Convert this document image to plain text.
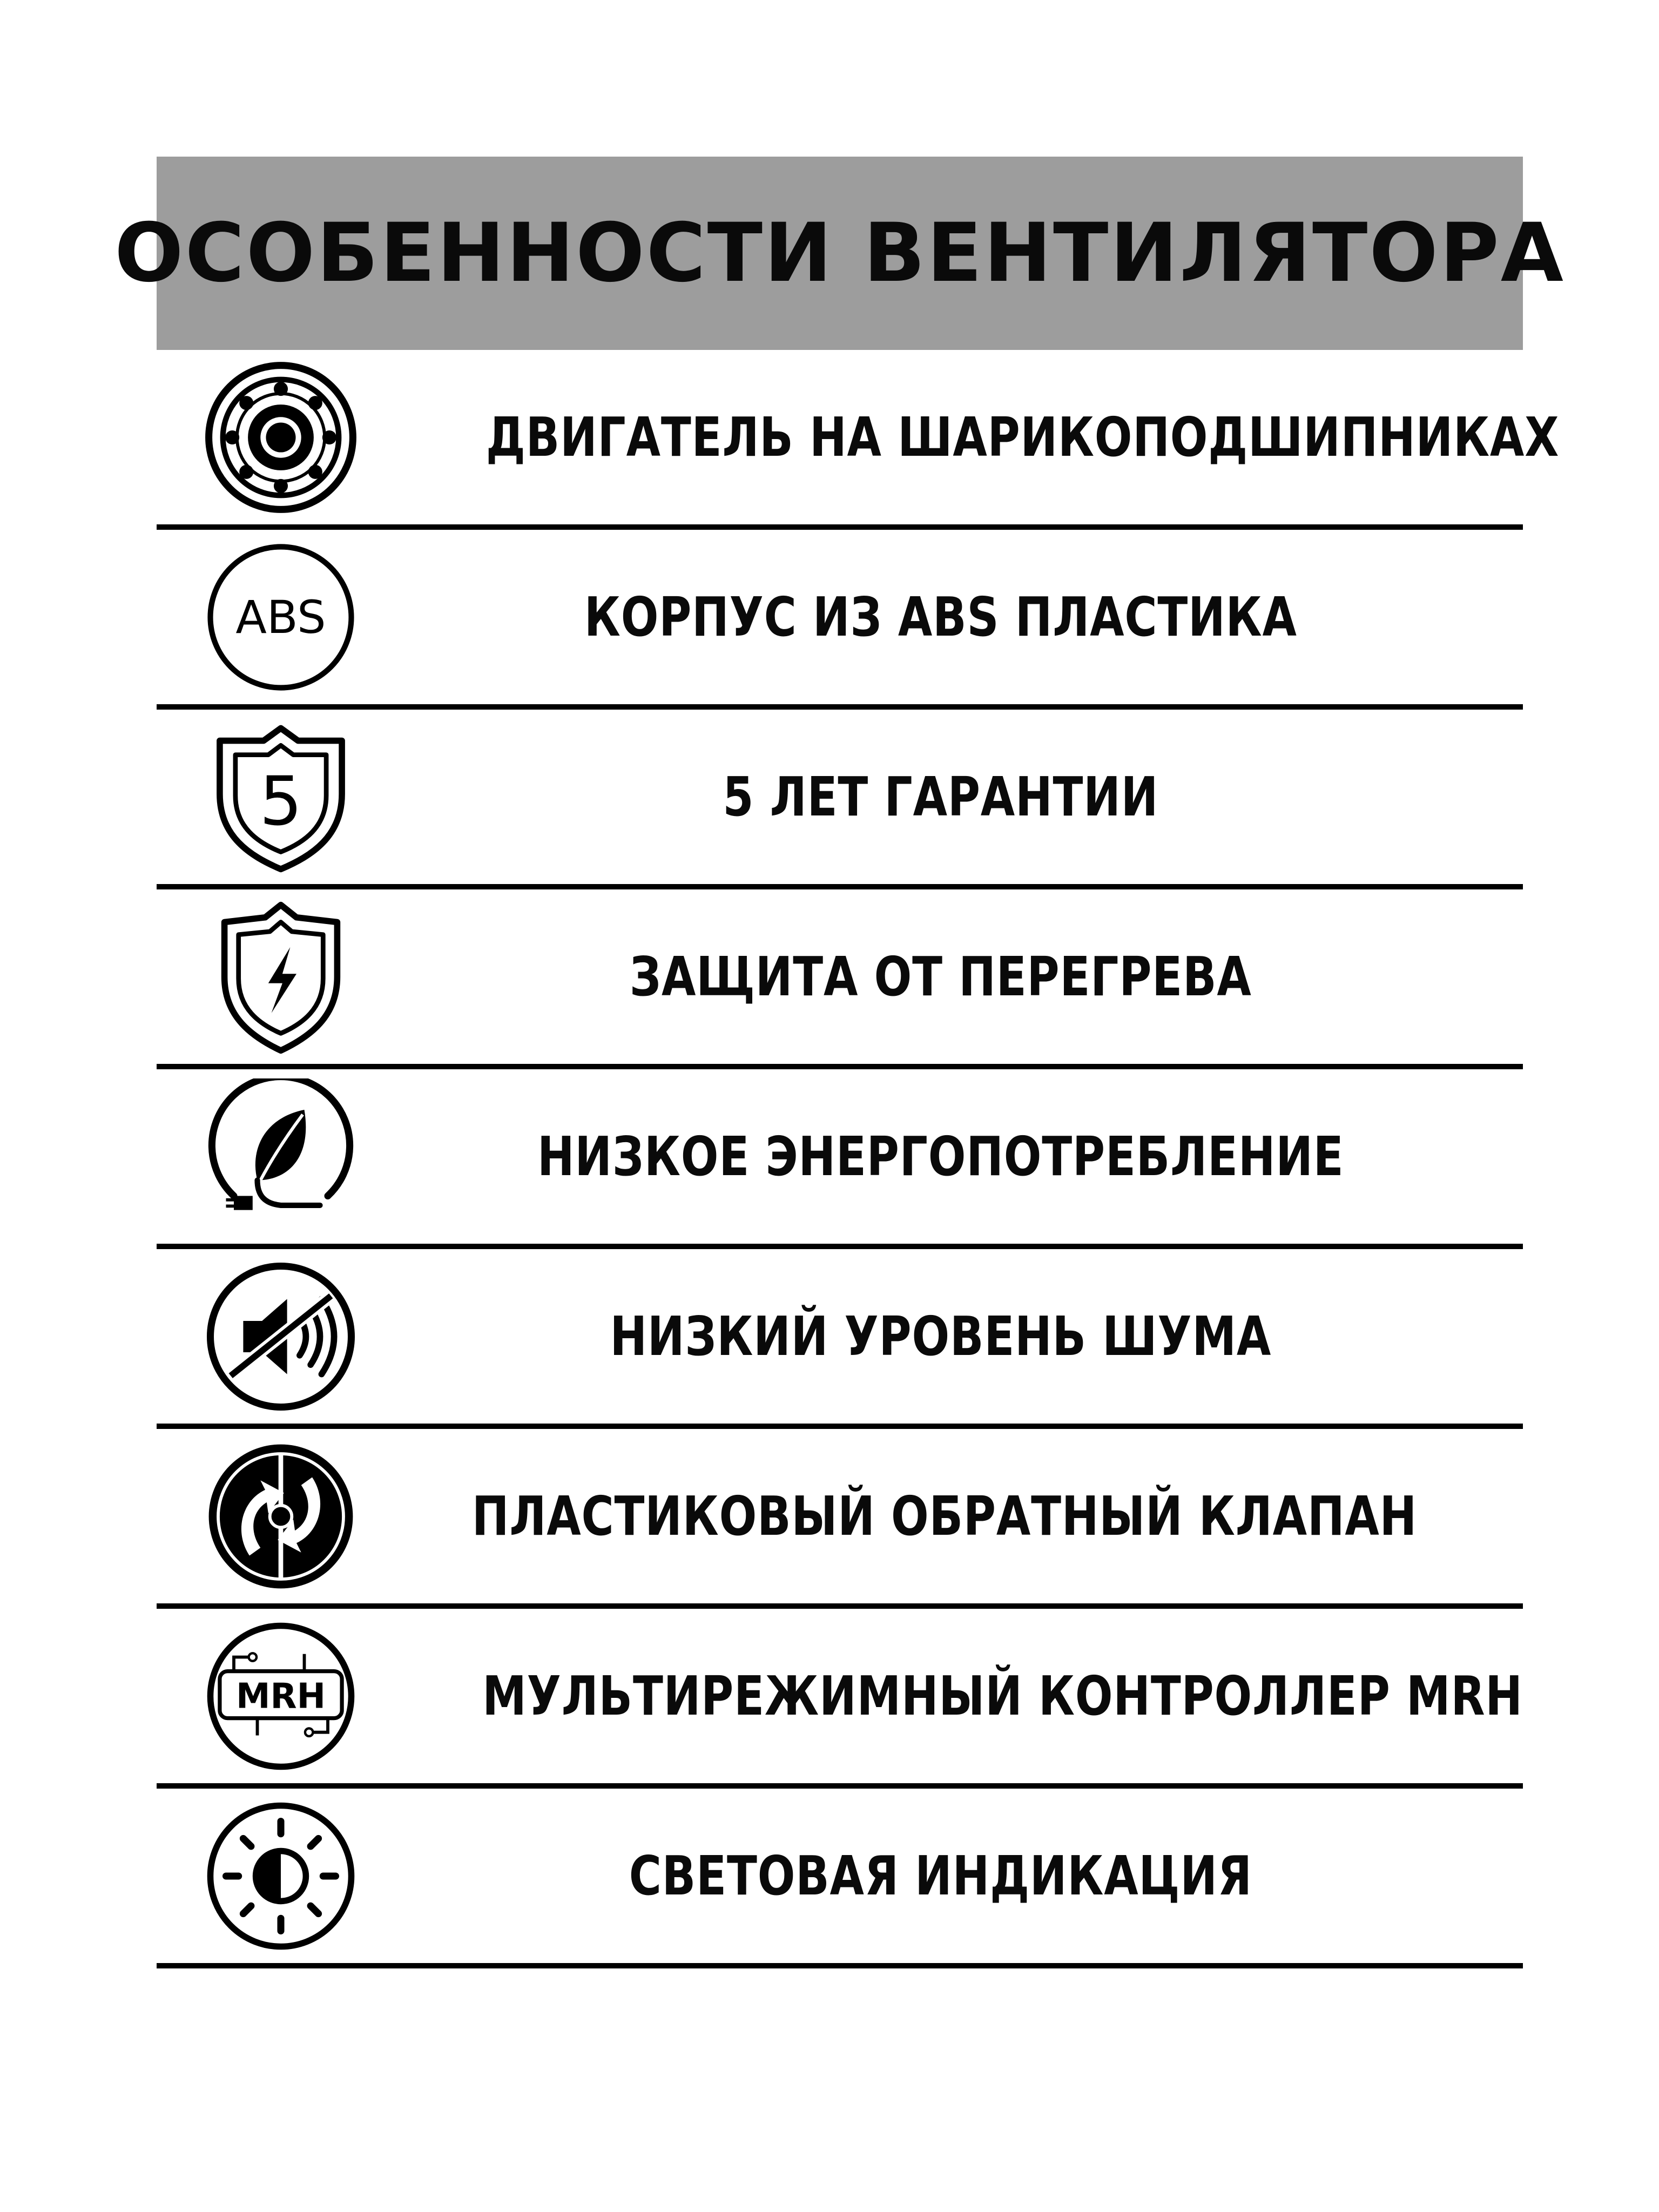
ОСОБЕННОСТИ ВЕНТИЛЯТОРА
ДВИГАТЕЛЬ НА ШАРИКОПОДШИПНИКАХ
ABS	КОРПУС ИЗ ABS ПЛАСТИКА
5	5 ЛЕТ ГАРАНТИИ
ЗАЩИТА ОТ ПЕРЕГРЕВА
НИЗКОЕ ЭНЕРГОПОТРЕБЛЕНИЕ
НИЗКИЙ УРОВЕНЬ ШУМА
ПЛАСТИКОВЫЙ ОБРАТНЫЙ КЛАПАН
MRH	МУЛЬТИРЕЖИМНЫЙ КОНТРОЛЛЕР MRH
СВЕТОВАЯ ИНДИКАЦИЯ
